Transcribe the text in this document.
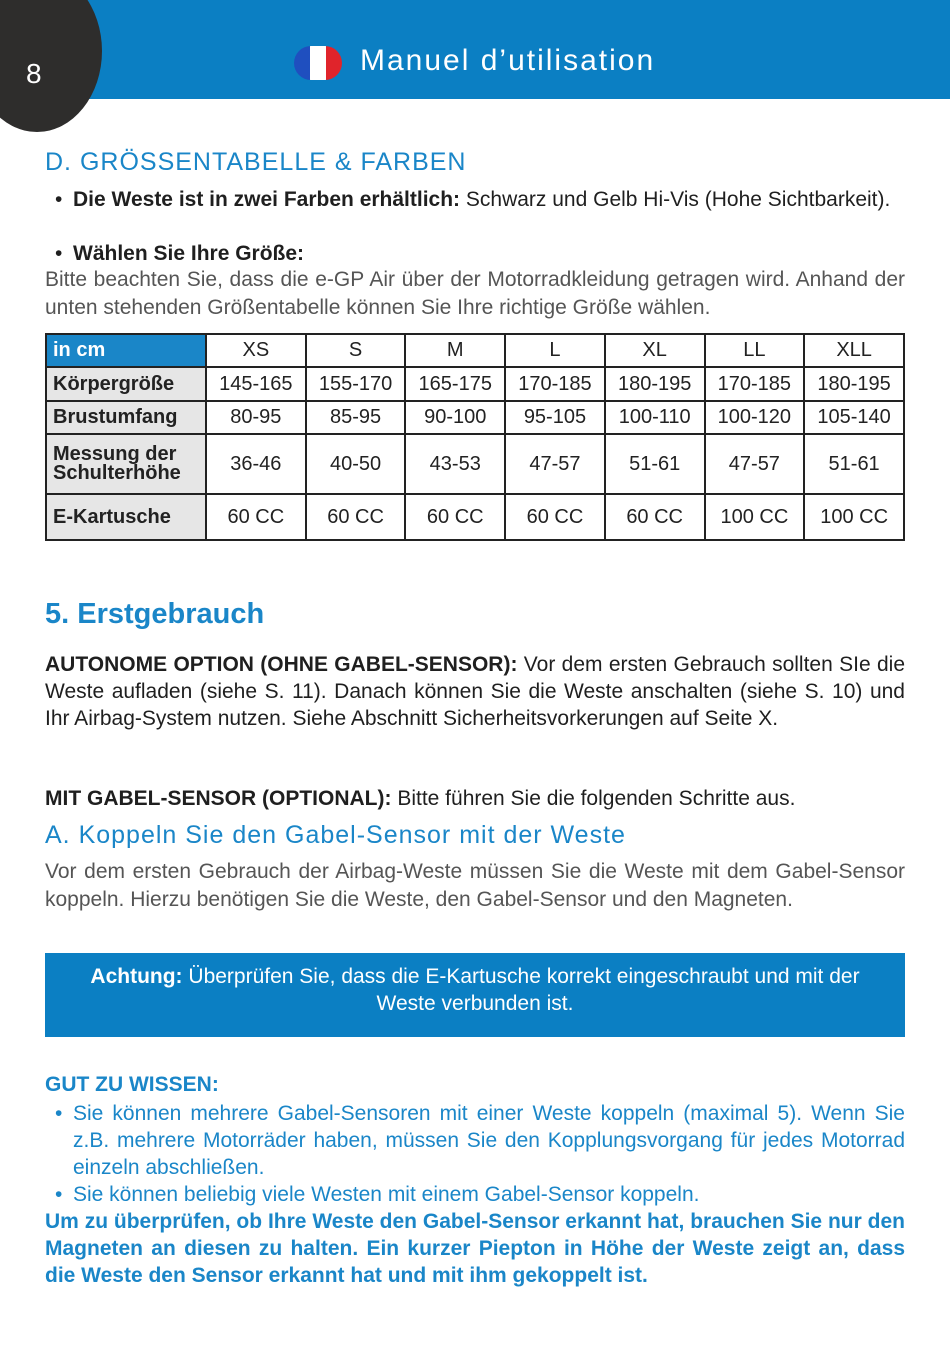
8	Manuel d’utilisation
D. GRÖSSENTABELLE & FARBEN
• Die Weste ist in zwei Farben erhältlich: Schwarz und Gelb Hi-Vis (Hohe Sichtbarkeit).
• Wählen Sie Ihre Größe:

Bitte beachten Sie, dass die e-GP Air über der Motorradkleidung getragen wird. Anhand der unten stehenden Größentabelle können Sie Ihre richtige Größe wählen.

in cm	XS	S	M	L	XL	LL	XLL
Körpergröße	145-165	155-170	165-175	170-185	180-195	170-185	180-195
Brustumfang	80-95	85-95	90-100	95-105	100-110	100-120	105-140
Messung der Schulterhöhe	36-46	40-50	43-53	47-57	51-61	47-57	51-61
E-Kartusche	60 CC	60 CC	60 CC	60 CC	60 CC	100 CC	100 CC
5. Erstgebrauch

AUTONOME OPTION (OHNE GABEL-SENSOR): Vor dem ersten Gebrauch sollten SIe die Weste aufladen (siehe S. 11). Danach können Sie die Weste anschalten (siehe S. 10) und Ihr Airbag-System nutzen. Siehe Abschnitt Sicherheitsvorkerungen auf Seite X.

MIT GABEL-SENSOR (OPTIONAL): Bitte führen Sie die folgenden Schritte aus.

A. Koppeln Sie den Gabel-Sensor mit der Weste

Vor dem ersten Gebrauch der Airbag-Weste müssen Sie die Weste mit dem Gabel-Sensor koppeln. Hierzu benötigen Sie die Weste, den Gabel-Sensor und den Magneten.

Achtung: Überprüfen Sie, dass die E-Kartusche korrekt eingeschraubt und mit der Weste verbunden ist.
GUT ZU WISSEN:
• Sie können mehrere Gabel-Sensoren mit einer Weste koppeln (maximal 5). Wenn Sie z.B. mehrere Motorräder haben, müssen Sie den Kopplungsvorgang für jedes Motorrad einzeln abschließen.
• Sie können beliebig viele Westen mit einem Gabel-Sensor koppeln.

Um zu überprüfen, ob Ihre Weste den Gabel-Sensor erkannt hat, brauchen Sie nur den Magneten an diesen zu halten. Ein kurzer Piepton in Höhe der Weste zeigt an, dass die Weste den Sensor erkannt hat und mit ihm gekoppelt ist.
